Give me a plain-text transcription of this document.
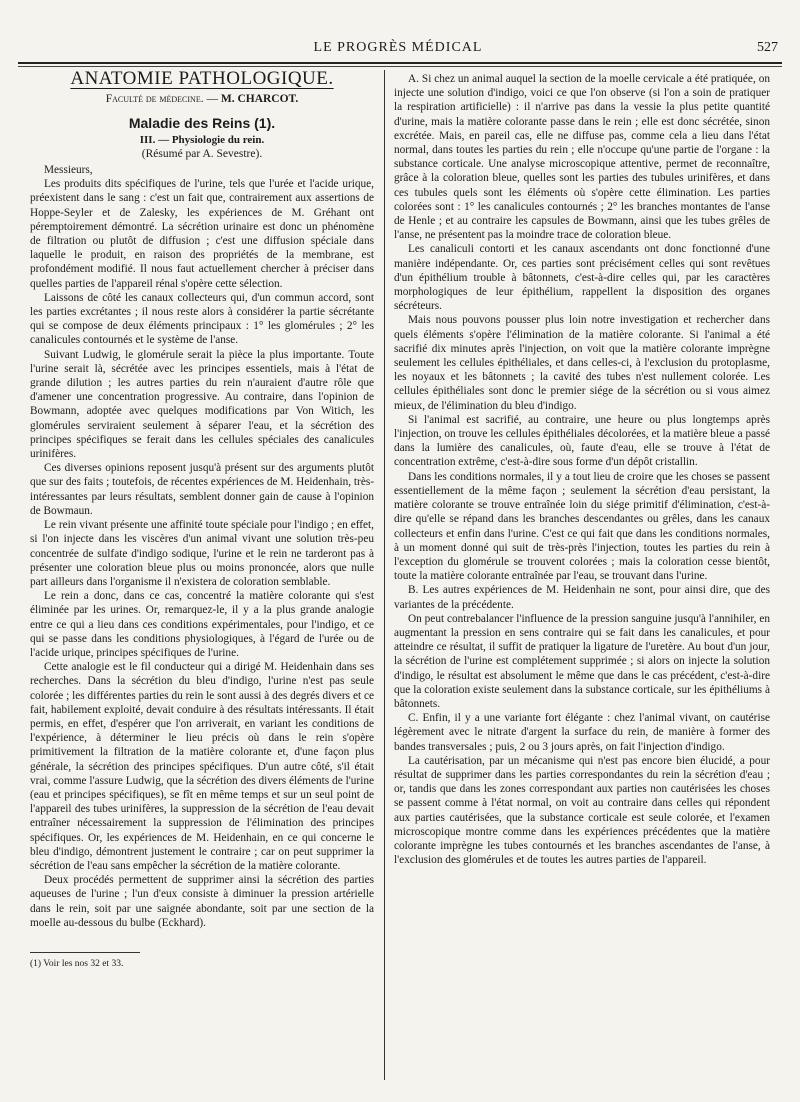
LE PROGRÈS MÉDICAL	527
ANATOMIE PATHOLOGIQUE.
Faculté de médecine. — M. CHARCOT.
Maladie des Reins (1).
III. — Physiologie du rein.
(Résumé par A. Sevestre).

Messieurs,

Les produits dits spécifiques de l'urine, tels que l'urée et l'acide urique, préexistent dans le sang : c'est un fait que, contrairement aux assertions de Hoppe-Seyler et de Zalesky, les expériences de M. Gréhant ont péremptoirement démontré. La sécrétion urinaire est donc un phénomène de filtration ou plutôt de diffusion ; c'est une diffusion spéciale dans laquelle le produit, en raison des propriétés de la membrane, est profondément modifié. Il nous faut actuellement chercher à préciser dans quelles parties de l'appareil rénal s'opère cette sélection.

Laissons de côté les canaux collecteurs qui, d'un commun accord, sont les parties excrétantes ; il nous reste alors à considérer la partie sécrétante qui se compose de deux éléments principaux : 1° les glomérules ; 2° les canalicules contournés et le système de l'anse.

Suivant Ludwig, le glomérule serait la pièce la plus importante. Toute l'urine serait là, sécrétée avec les principes essentiels, mais à l'état de grande dilution ; les autres parties du rein n'auraient d'autre rôle que d'amener une concentration progressive. Au contraire, dans l'opinion de Bowmann, adoptée avec quelques modifications par Von Witich, les glomérules serviraient seulement à séparer l'eau, et la sécrétion des principes spécifiques se ferait dans les cellules spéciales des canalicules urinifères.

Ces diverses opinions reposent jusqu'à présent sur des arguments plutôt que sur des faits ; toutefois, de récentes expériences de M. Heidenhain, très-intéressantes par leurs résultats, semblent donner gain de cause à l'opinion de Bowmaun.

Le rein vivant présente une affinité toute spéciale pour l'indigo ; en effet, si l'on injecte dans les viscères d'un animal vivant une solution très-peu concentrée de sulfate d'indigo sodique, l'urine et le rein ne tarderont pas à présenter une coloration bleue plus ou moins prononcée, alors que nulle part ailleurs dans l'organisme il n'existera de coloration semblable.

Le rein a donc, dans ce cas, concentré la matière colorante qui s'est éliminée par les urines. Or, remarquez-le, il y a la plus grande analogie entre ce qui a lieu dans ces conditions expérimentales, pour l'indigo, et ce qui se passe dans les conditions physiologiques, à l'égard de l'urée ou de l'acide urique, principes spécifiques de l'urine.

Cette analogie est le fil conducteur qui a dirigé M. Heidenhain dans ses recherches. Dans la sécrétion du bleu d'indigo, l'urine n'est pas seule colorée ; les différentes parties du rein le sont aussi à des degrés divers et ce fait, habilement exploité, devait conduire à des résultats intéressants. Il était permis, en effet, d'espérer que l'on arriverait, en variant les conditions de l'expérience, à déterminer le lieu précis où dans le rein s'opère primitivement la filtration de la matière colorante et, d'une façon plus générale, la sécrétion des principes spécifiques. D'un autre côté, s'il était vrai, comme l'assure Ludwig, que la sécrétion des divers éléments de l'urine (eau et principes spécifiques), se fît en même temps et sur un seul point de l'appareil des tubes urinifères, la suppression de la sécrétion de l'eau devait entraîner nécessairement la suppression de l'élimination des principes spécifiques. Or, les expériences de M. Heidenhain, en ce qui concerne le bleu d'indigo, démontrent justement le contraire ; car on peut supprimer la sécrétion de l'eau sans empêcher la sécrétion de la matière colorante.

Deux procédés permettent de supprimer ainsi la sécrétion des parties aqueuses de l'urine ; l'un d'eux consiste à diminuer la pression artérielle dans le rein, soit par une saignée abondante, soit par une section de la moelle au-dessous du bulbe (Eckhard).

(1) Voir les nos 32 et 33.

A. Si chez un animal auquel la section de la moelle cervicale a été pratiquée, on injecte une solution d'indigo, voici ce que l'on observe (si l'on a soin de pratiquer la respiration artificielle) : il n'arrive pas dans la vessie la plus petite quantité d'urine, mais la matière colorante passe dans le rein ; elle est donc sécrétée, sinon excrétée. Mais, en pareil cas, elle ne diffuse pas, comme cela a lieu dans l'état normal, dans toutes les parties du rein ; elle n'occupe qu'une partie de l'organe : la substance corticale. Une analyse microscopique attentive, permet de reconnaître, grâce à la coloration bleue, quelles sont les parties des tubules urinifères, et dans ces tubules quels sont les éléments où s'opère cette élimination. Les parties colorées sont : 1° les canalicules contournés ; 2° les branches montantes de l'anse de Henle ; et au contraire les capsules de Bowmann, ainsi que les tubes grêles de l'anse, ne présentent pas la moindre trace de coloration bleue.

Les canaliculi contorti et les canaux ascendants ont donc fonctionné d'une manière indépendante. Or, ces parties sont précisément celles qui sont revêtues d'un épithélium trouble à bâtonnets, c'est-à-dire celles qui, par les caractères morphologiques de leur épithélium, rappellent la disposition des organes sécréteurs.

Mais nous pouvons pousser plus loin notre investigation et rechercher dans quels éléments s'opère l'élimination de la matière colorante. Si l'animal a été sacrifié dix minutes après l'injection, on voit que la matière colorante imprègne seulement les cellules épithéliales, et dans celles-ci, à l'exclusion du protoplasme, les noyaux et les bâtonnets ; la cavité des tubes n'est nullement colorée. Les cellules épithéliales sont donc le premier siége de la sécrétion ou si vous aimez mieux, de l'élimination du bleu d'indigo.

Si l'animal est sacrifié, au contraire, une heure ou plus longtemps après l'injection, on trouve les cellules épithéliales décolorées, et la matière bleue a passé dans la lumière des canalicules, où, faute d'eau, elle se trouve à l'état de concentration extrême, c'est-à-dire sous forme d'un dépôt cristallin.

Dans les conditions normales, il y a tout lieu de croire que les choses se passent essentiellement de la même façon ; seulement la sécrétion d'eau persistant, la matière colorante se trouve entraînée loin du siége primitif d'élimination, c'est-à-dire qu'elle se répand dans les branches descendantes ou grêles, dans les canaux collecteurs et enfin dans l'urine. C'est ce qui fait que dans les conditions normales, à un moment donné qui suit de très-près l'injection, toutes les parties du rein à l'exception du glomérule se trouvent colorées ; mais la coloration cesse bientôt, toute la matière colorante entraînée par l'eau, se trouvant dans l'urine.

B. Les autres expériences de M. Heidenhain ne sont, pour ainsi dire, que des variantes de la précédente.

On peut contrebalancer l'influence de la pression sanguine jusqu'à l'annihiler, en augmentant la pression en sens contraire qui se fait dans les canalicules, et pour atteindre ce résultat, il suffit de pratiquer la ligature de l'uretère. Au bout d'un jour, la sécrétion de l'urine est complétement supprimée ; si alors on injecte la solution d'indigo, le résultat est absolument le même que dans le cas précédent, c'est-à-dire que la coloration existe seulement dans la substance corticale, sur les épithéliums à bâtonnets.

C. Enfin, il y a une variante fort élégante : chez l'animal vivant, on cautérise légèrement avec le nitrate d'argent la surface du rein, de manière à former des bandes transversales ; puis, 2 ou 3 jours après, on fait l'injection d'indigo.

La cautérisation, par un mécanisme qui n'est pas encore bien élucidé, a pour résultat de supprimer dans les parties correspondantes du rein la sécrétion d'eau ; or, tandis que dans les zones correspondant aux parties non cautérisées les choses se passent comme à l'état normal, on voit au contraire dans celles qui répondent aux parties cautérisées, que la substance corticale est seule colorée, et l'examen microscopique montre comme dans les expériences précédentes que la matière colorante imprègne les tubes contournés et les branches ascendantes de l'anse, à l'exclusion des glomérules et de toutes les autres parties de l'appareil.
